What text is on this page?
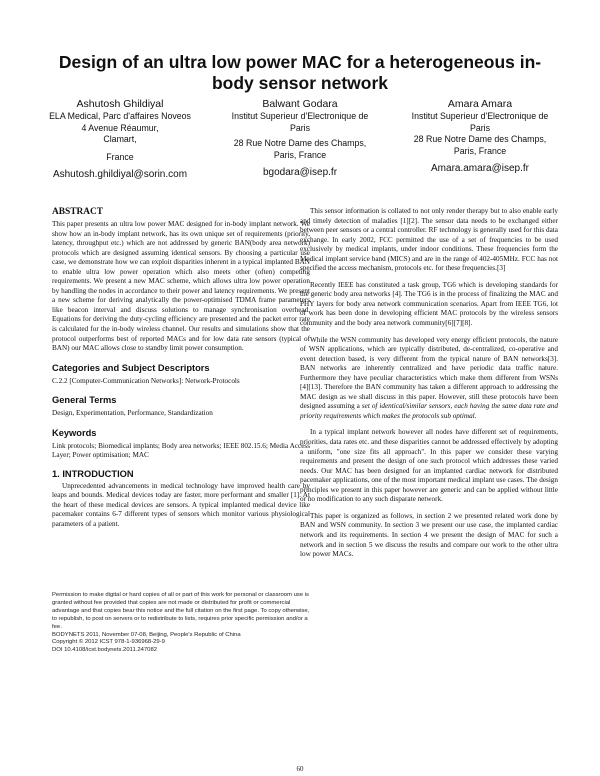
Design of an ultra low power MAC for a heterogeneous in-body sensor network
Ashutosh Ghildiyal
ELA Medical, Parc d'affaires Noveos
4 Avenue Réaumur,
Clamart,
France
Ashutosh.ghildiyal@sorin.com
Balwant Godara
Institut Superieur d'Electronique de
Paris
28 Rue Notre Dame des Champs,
Paris, France
bgodara@isep.fr
Amara Amara
Institut Superieur d'Electronique de
Paris
28 Rue Notre Dame des Champs,
Paris, France
Amara.amara@isep.fr
ABSTRACT

This paper presents an ultra low power MAC designed for in-body implant network. We show how an in-body implant network, has its own unique set of requirements (priority, latency, throughput etc.) which are not addressed by generic BAN(body area network) protocols which are designed assuming identical sensors. By choosing a particular use case, we demonstrate how we can exploit disparities inherent in a typical implanted BAN to enable ultra low power operation which also meets other (often) competing requirements. We present a new MAC scheme, which allows ultra low power operation by handling the nodes in accordance to their power and latency requirements. We present a new scheme for deriving analytically the power-optimised TDMA frame parameters like beacon interval and discuss solutions to manage synchronisation overhead. Equations for deriving the duty-cycling efficiency are presented and the packet error rate is calculated for the in-body wireless channel. Our results and simulations show that the protocol outperforms best of reported MACs and for low data rate sensors (typical of BAN) our MAC allows close to standby limit power consumption.

Categories and Subject Descriptors

C.2.2 [Computer-Communication Networks]: Network-Protocols

General Terms

Design, Experimentation, Performance, Standardization

Keywords

Link protocols; Biomedical implants; Body area networks; IEEE 802.15.6; Media Access Layer; Power optimisation; MAC

1. INTRODUCTION

Unprecedented advancements in medical technology have improved health care by leaps and bounds. Medical devices today are faster, more performant and smaller [1]. At the heart of these medical devices are sensors. A typical implanted medical device like pacemaker contains 6-7 different types of sensors which monitor various physiological parameters of a patient.

Permission to make digital or hard copies of all or part of this work for personal or classroom use is granted without fee provided that copies are not made or distributed for profit or commercial advantage and that copies bear this notice and the full citation on the first page. To copy otherwise, to republish, to post on servers or to redistribute to lists, requires prior specific permission and/or a fee.

BODYNETS 2011, November 07-08, Beijing, People's Republic of China

Copyright © 2012 ICST 978-1-936968-29-9

DOI 10.4108/icst.bodynets.2011.247082

This sensor information is collated to not only render therapy but to also enable early and timely detection of maladies [1][2]. The sensor data needs to be exchanged either between peer sensors or a central controller. RF technology is generally used for this data exchange. In early 2002, FCC permitted the use of a set of frequencies to be used exclusively by medical implants, under indoor conditions. These frequencies form the Medical implant service band (MICS) and are in the range of 402-405MHz. FCC has not specified the access mechanism, protocols etc. for these frequencies.[3]

Recently IEEE has constituted a task group, TG6 which is developing standards for the generic body area networks [4]. The TG6 is in the process of finalizing the MAC and PHY layers for body area network communication scenarios. Apart from IEEE TG6, lot of work has been done in developing efficient MAC protocols by the wireless sensors community and the body area network community[6][7][8].

While the WSN community has developed very energy efficient protocols, the nature of WSN applications, which are typically distributed, de-centralized, co-operative and event detection based, is very different from the typical nature of BAN networks[3]. BAN networks are inherently centralized and have periodic data traffic nature. Furthermore they have peculiar characteristics which make them different from WSNs [4][13]. Therefore the BAN community has taken a different approach to addressing the MAC design as we shall discuss in this paper. However, still these protocols have been designed assuming a set of identical/similar sensors, each having the same data rate and priority requirements which makes the protocols sub optimal.

In a typical implant network however all nodes have different set of requirements, priorities, data rates etc. and these disparities cannot be addressed effectively by adopting a uniform, "one size fits all approach". In this paper we consider these varying requirements and present the design of one such protocol which addresses these varied needs. Our MAC has been designed for an implanted cardiac network for distributed pacemaker applications, one of the most important medical implant use cases. The design principles we present in this paper however are generic and can be applied without little or no modification to any such disparate network.

This paper is organized as follows, in section 2 we presented related work done by BAN and WSN community. In section 3 we present our use case, the implanted cardiac network and its requirements. In section 4 we present the design of MAC for such a network and in section 5 we discuss the results and compare our work to the other ultra low power MACs.

60
